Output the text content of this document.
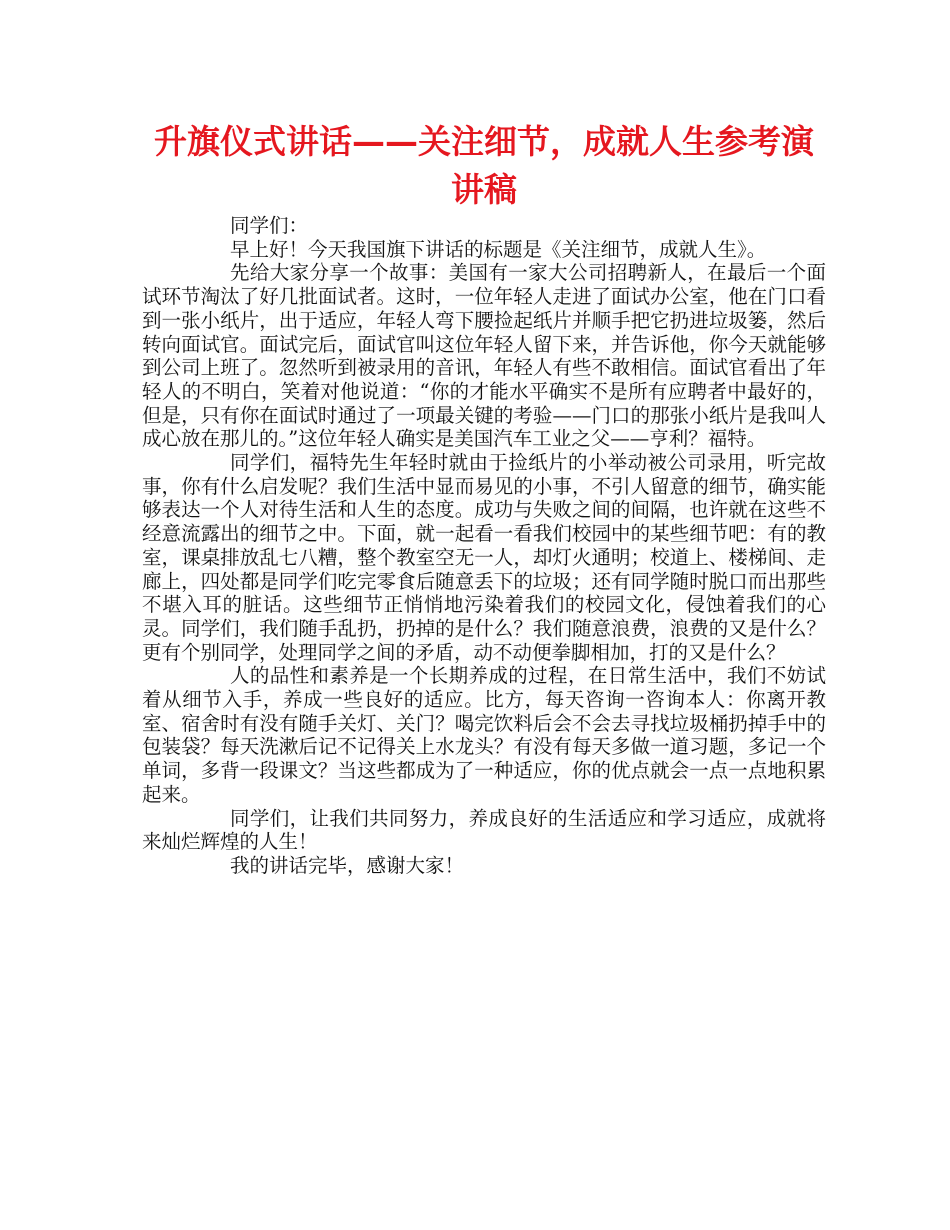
升旗仪式讲话——关注细节，成就人生参考演讲稿

同学们：

早上好！今天我国旗下讲话的标题是《关注细节，成就人生》。

先给大家分享一个故事：美国有一家大公司招聘新人，在最后一个面试环节淘汰了好几批面试者。这时，一位年轻人走进了面试办公室，他在门口看到一张小纸片，出于适应，年轻人弯下腰捡起纸片并顺手把它扔进垃圾篓，然后转向面试官。面试完后，面试官叫这位年轻人留下来，并告诉他，你今天就能够到公司上班了。忽然听到被录用的音讯，年轻人有些不敢相信。面试官看出了年轻人的不明白，笑着对他说道：“你的才能水平确实不是所有应聘者中最好的，但是，只有你在面试时通过了一项最关键的考验——门口的那张小纸片是我叫人成心放在那儿的。”这位年轻人确实是美国汽车工业之父——亨利？福特。

同学们，福特先生年轻时就由于捡纸片的小举动被公司录用，听完故事，你有什么启发呢？我们生活中显而易见的小事，不引人留意的细节，确实能够表达一个人对待生活和人生的态度。成功与失败之间的间隔，也许就在这些不经意流露出的细节之中。下面，就一起看一看我们校园中的某些细节吧：有的教室，课桌排放乱七八糟，整个教室空无一人，却灯火通明；校道上、楼梯间、走廊上，四处都是同学们吃完零食后随意丢下的垃圾；还有同学随时脱口而出那些不堪入耳的脏话。这些细节正悄悄地污染着我们的校园文化，侵蚀着我们的心灵。同学们，我们随手乱扔，扔掉的是什么？我们随意浪费，浪费的又是什么？更有个别同学，处理同学之间的矛盾，动不动便拳脚相加，打的又是什么？

人的品性和素养是一个长期养成的过程，在日常生活中，我们不妨试着从细节入手，养成一些良好的适应。比方，每天咨询一咨询本人：你离开教室、宿舍时有没有随手关灯、关门？喝完饮料后会不会去寻找垃圾桶扔掉手中的包装袋？每天洗漱后记不记得关上水龙头？有没有每天多做一道习题，多记一个单词，多背一段课文？当这些都成为了一种适应，你的优点就会一点一点地积累起来。

同学们，让我们共同努力，养成良好的生活适应和学习适应，成就将来灿烂辉煌的人生！

我的讲话完毕，感谢大家！
